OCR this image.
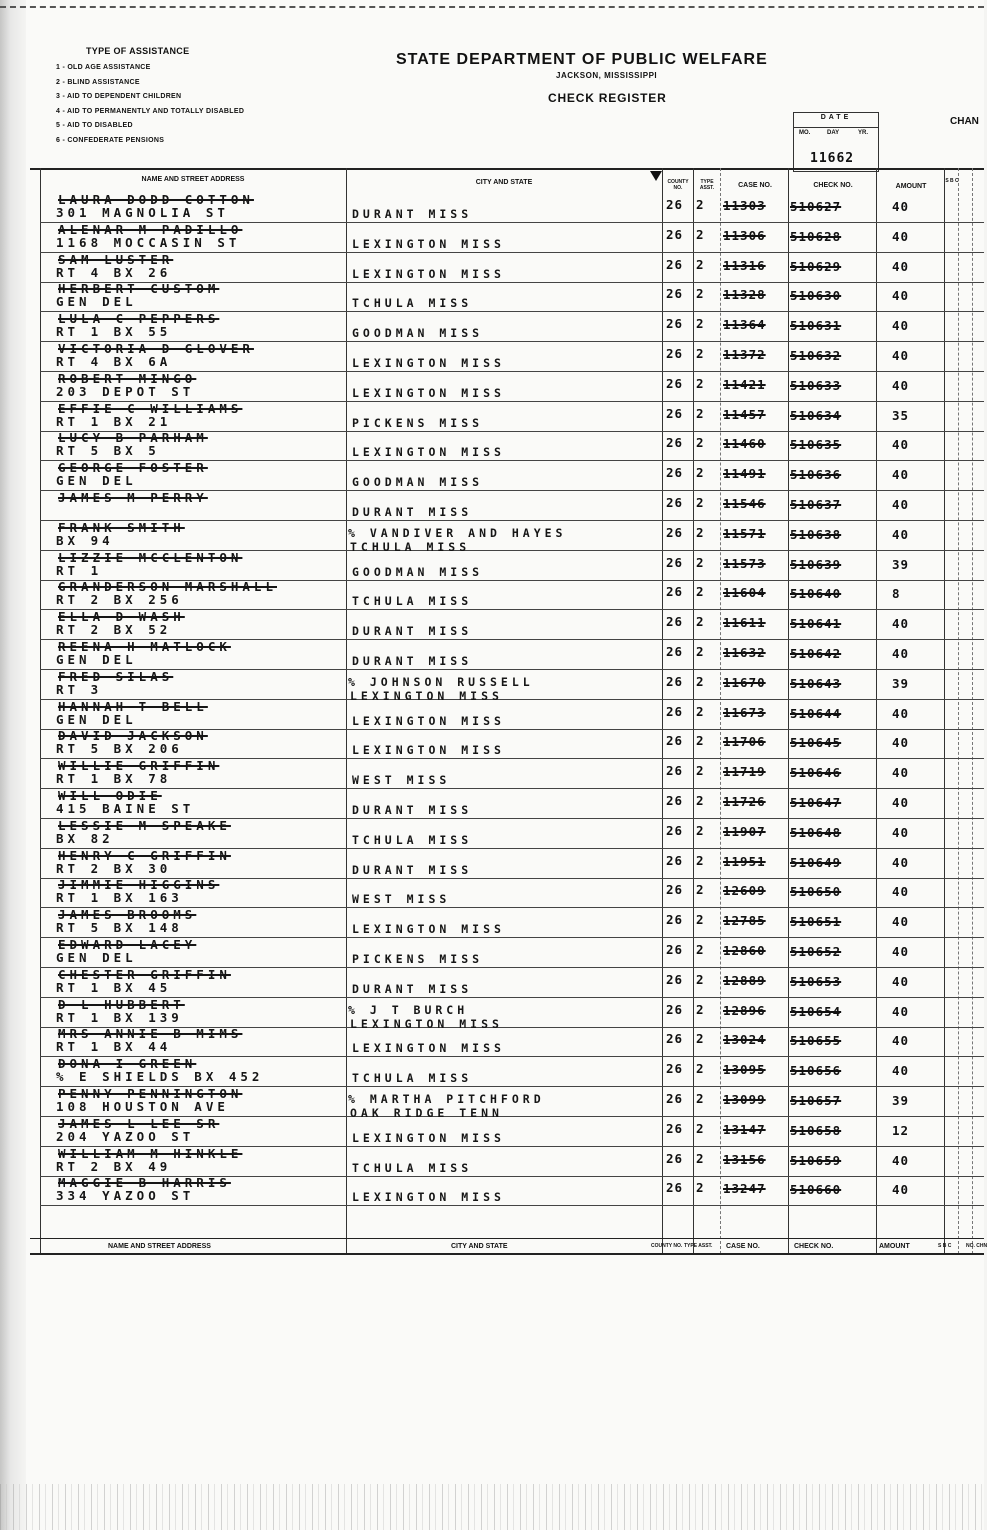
TYPE OF ASSISTANCE
1 - OLD AGE ASSISTANCE
2 - BLIND ASSISTANCE
3 - AID TO DEPENDENT CHILDREN
4 - AID TO PERMANENTLY AND TOTALLY DISABLED
5 - AID TO DISABLED
6 - CONFEDERATE PENSIONS
STATE DEPARTMENT OF PUBLIC WELFARE
JACKSON, MISSISSIPPI
CHECK REGISTER
CHAN
DATE
MO.	DAY	YR.
11662
NAME AND STREET ADDRESS	CITY AND STATE	COUNTY NO.
TYPE ASST.	CASE NO.	CHECK NO.	AMOUNT
S B C
LAURA DODD COTTON
301 MAGNOLIA ST	DURANT MISS
26 2 11303 510627	40
ALENAR M PADILLO
1168 MOCCASIN ST	LEXINGTON MISS
26 2 11306 510628	40
SAM LUSTER
RT 4 BX 26	LEXINGTON MISS
26 2 11316 510629	40
HERBERT CUSTOM
GEN DEL	TCHULA MISS
26 2 11328 510630	40
LULA C PEPPERS
RT 1 BX 55	GOODMAN MISS
26 2 11364 510631	40
VICTORIA D GLOVER
RT 4 BX 6A	LEXINGTON MISS
26 2 11372 510632	40
ROBERT MINGO
203 DEPOT ST	LEXINGTON MISS
26 2 11421 510633	40
EFFIE C WILLIAMS
RT 1 BX 21	PICKENS MISS
26 2 11457 510634	35
LUCY B PARHAM
RT 5 BX 5	LEXINGTON MISS
26 2 11460 510635	40
GEORGE FOSTER
GEN DEL	GOODMAN MISS
26 2 11491 510636	40
JAMES M PERRY
DURANT MISS
26 2 11546 510637	40
FRANK SMITH
BX 94	% VANDIVER AND HAYES
TCHULA MISS
26 2 11571 510638	40
LIZZIE MCCLENTON
RT 1	GOODMAN MISS
26 2 11573 510639	39
GRANDERSON MARSHALL
RT 2 BX 256	TCHULA MISS
26 2 11604 510640	8
ELLA D WASH
RT 2 BX 52	DURANT MISS
26 2 11611 510641	40
REENA H MATLOCK
GEN DEL	DURANT MISS
26 2 11632 510642	40
FRED SILAS
RT 3	% JOHNSON RUSSELL
LEXINGTON MISS
26 2 11670 510643	39
HANNAH T BELL
GEN DEL	LEXINGTON MISS
26 2 11673 510644	40
DAVID JACKSON
RT 5 BX 206	LEXINGTON MISS
26 2 11706 510645	40
WILLIE GRIFFIN
RT 1 BX 78	WEST MISS
26 2 11719 510646	40
WILL ODIE
415 BAINE ST	DURANT MISS
26 2 11726 510647	40
LESSIE M SPEAKE
BX 82	TCHULA MISS
26 2 11907 510648	40
HENRY C GRIFFIN
RT 2 BX 30	DURANT MISS
26 2 11951 510649	40
JIMMIE HIGGINS
RT 1 BX 163	WEST MISS
26 2 12609 510650	40
JAMES BROOMS
RT 5 BX 148	LEXINGTON MISS
26 2 12785 510651	40
EDWARD LACEY
GEN DEL	PICKENS MISS
26 2 12860 510652	40
CHESTER GRIFFIN
RT 1 BX 45	DURANT MISS
26 2 12889 510653	40
D L HUBBERT
RT 1 BX 139	% J T BURCH
LEXINGTON MISS
26 2 12896 510654	40
MRS ANNIE B MIMS
RT 1 BX 44	LEXINGTON MISS
26 2 13024 510655	40
DONA I GREEN
% E SHIELDS BX 452	TCHULA MISS
26 2 13095 510656	40
PENNY PENNINGTON
108 HOUSTON AVE	% MARTHA PITCHFORD
OAK RIDGE TENN
26 2 13099 510657	39
JAMES L LEE SR
204 YAZOO ST	LEXINGTON MISS
26 2 13147 510658	12
WILLIAM M HINKLE
RT 2 BX 49	TCHULA MISS
26 2 13156 510659	40
MAGGIE B HARRIS
334 YAZOO ST	LEXINGTON MISS
26 2 13247 510660	40
NAME AND STREET ADDRESS	CITY AND STATE	COUNTY NO. TYPE ASST. CASE NO.	CHECK NO.	AMOUNT	S B C	NO. CHN
